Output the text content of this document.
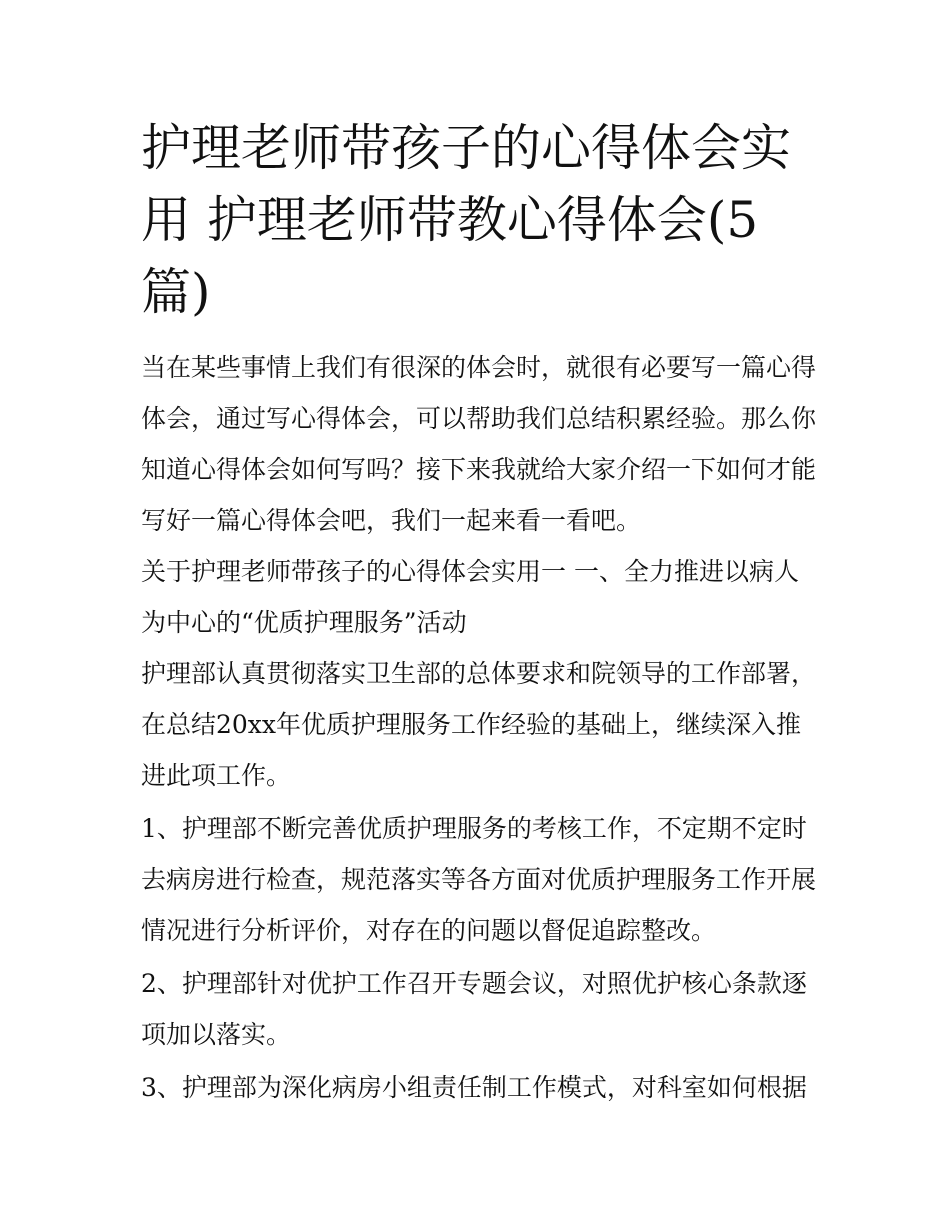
护理老师带孩子的心得体会实用 护理老师带教心得体会(5篇)

当在某些事情上我们有很深的体会时，就很有必要写一篇心得体会，通过写心得体会，可以帮助我们总结积累经验。那么你知道心得体会如何写吗？接下来我就给大家介绍一下如何才能写好一篇心得体会吧，我们一起来看一看吧。

关于护理老师带孩子的心得体会实用一 一、全力推进以病人为中心的“优质护理服务”活动

护理部认真贯彻落实卫生部的总体要求和院领导的工作部署，在总结20xx年优质护理服务工作经验的基础上，继续深入推进此项工作。

1、护理部不断完善优质护理服务的考核工作，不定期不定时去病房进行检查，规范落实等各方面对优质护理服务工作开展情况进行分析评价，对存在的问题以督促追踪整改。

2、护理部针对优护工作召开专题会议，对照优护核心条款逐项加以落实。

3、护理部为深化病房小组责任制工作模式，对科室如何根据
